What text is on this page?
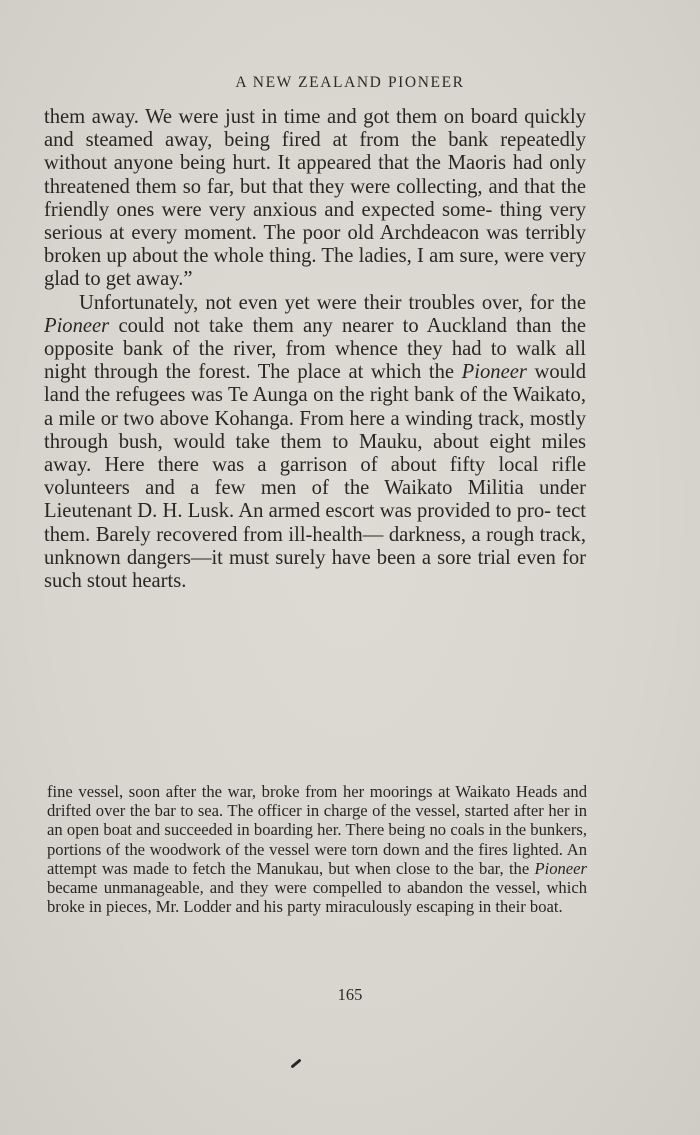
A NEW ZEALAND PIONEER

them away. We were just in time and got them on board quickly and steamed away, being fired at from the bank repeatedly without anyone being hurt. It appeared that the Maoris had only threatened them so far, but that they were collecting, and that the friendly ones were very anxious and expected some- thing very serious at every moment. The poor old Archdeacon was terribly broken up about the whole thing. The ladies, I am sure, were very glad to get away.”

Unfortunately, not even yet were their troubles over, for the Pioneer could not take them any nearer to Auckland than the opposite bank of the river, from whence they had to walk all night through the forest. The place at which the Pioneer would land the refugees was Te Aunga on the right bank of the Waikato, a mile or two above Kohanga. From here a winding track, mostly through bush, would take them to Mauku, about eight miles away. Here there was a garrison of about fifty local rifle volunteers and a few men of the Waikato Militia under Lieutenant D. H. Lusk. An armed escort was provided to pro- tect them. Barely recovered from ill-health— darkness, a rough track, unknown dangers—it must surely have been a sore trial even for such stout hearts.

fine vessel, soon after the war, broke from her moorings at Waikato Heads and drifted over the bar to sea. The officer in charge of the vessel, started after her in an open boat and succeeded in boarding her. There being no coals in the bunkers, portions of the woodwork of the vessel were torn down and the fires lighted. An attempt was made to fetch the Manukau, but when close to the bar, the Pioneer became unmanageable, and they were compelled to abandon the vessel, which broke in pieces, Mr. Lodder and his party miraculously escaping in their boat.

165
